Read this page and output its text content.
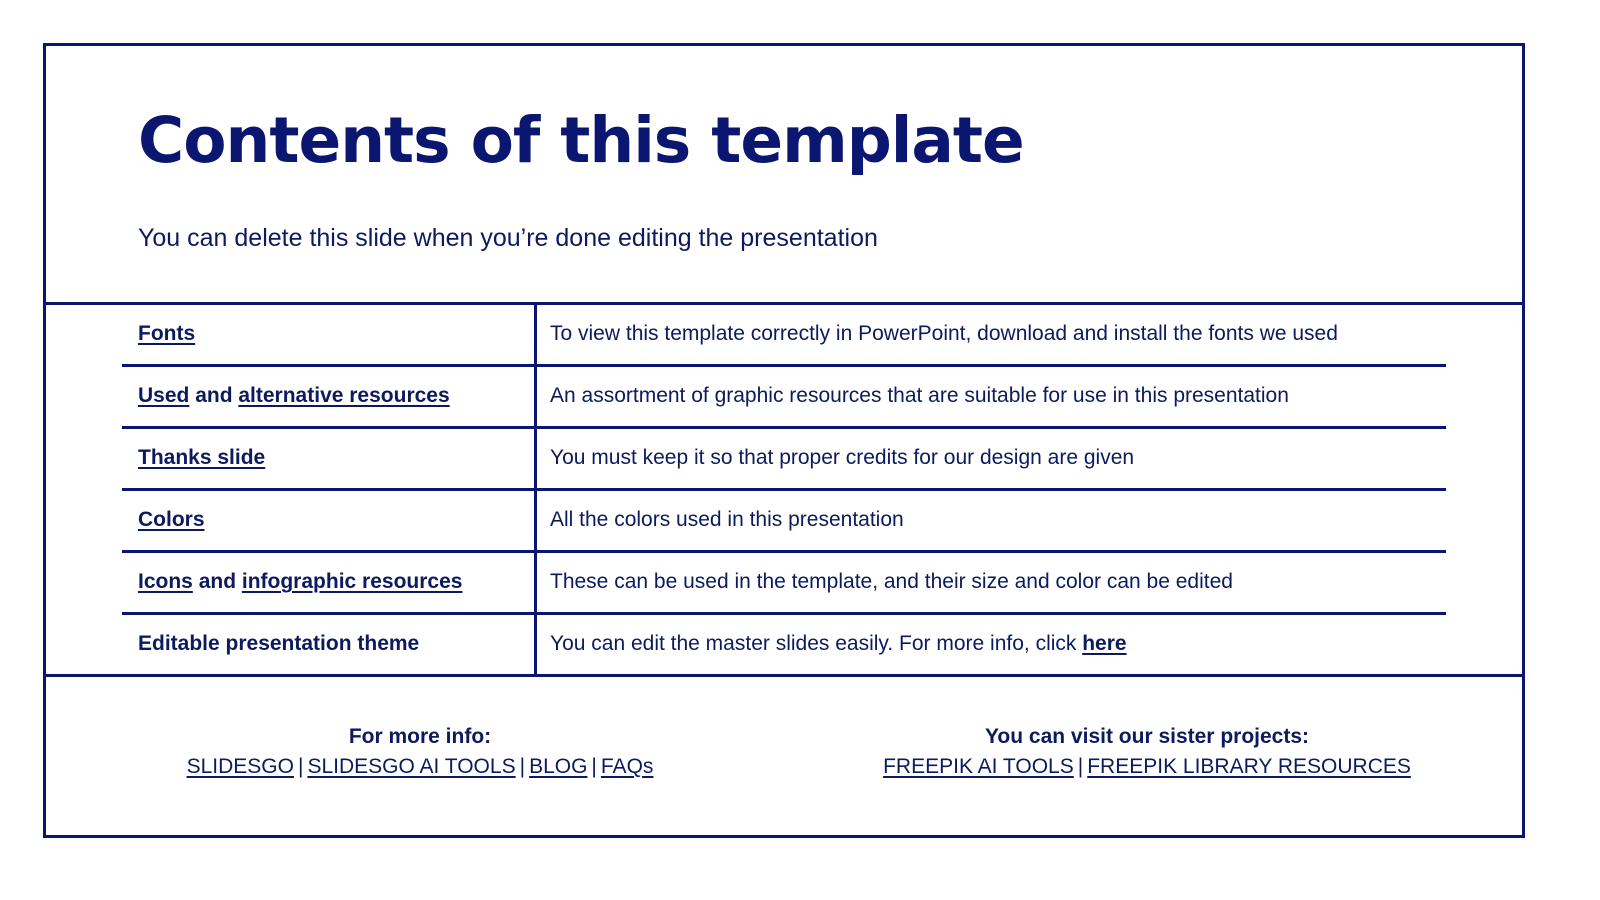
Contents of this template

You can delete this slide when you’re done editing the presentation

Fonts	To view this template correctly in PowerPoint, download and install the fonts we used
Used and alternative resources	An assortment of graphic resources that are suitable for use in this presentation
Thanks slide	You must keep it so that proper credits for our design are given
Colors	All the colors used in this presentation
Icons and infographic resources	These can be used in the template, and their size and color can be edited
Editable presentation theme	You can edit the master slides easily. For more info, click here
For more info:
SLIDESGO | SLIDESGO AI TOOLS | BLOG | FAQs
You can visit our sister projects:
FREEPIK AI TOOLS | FREEPIK LIBRARY RESOURCES
